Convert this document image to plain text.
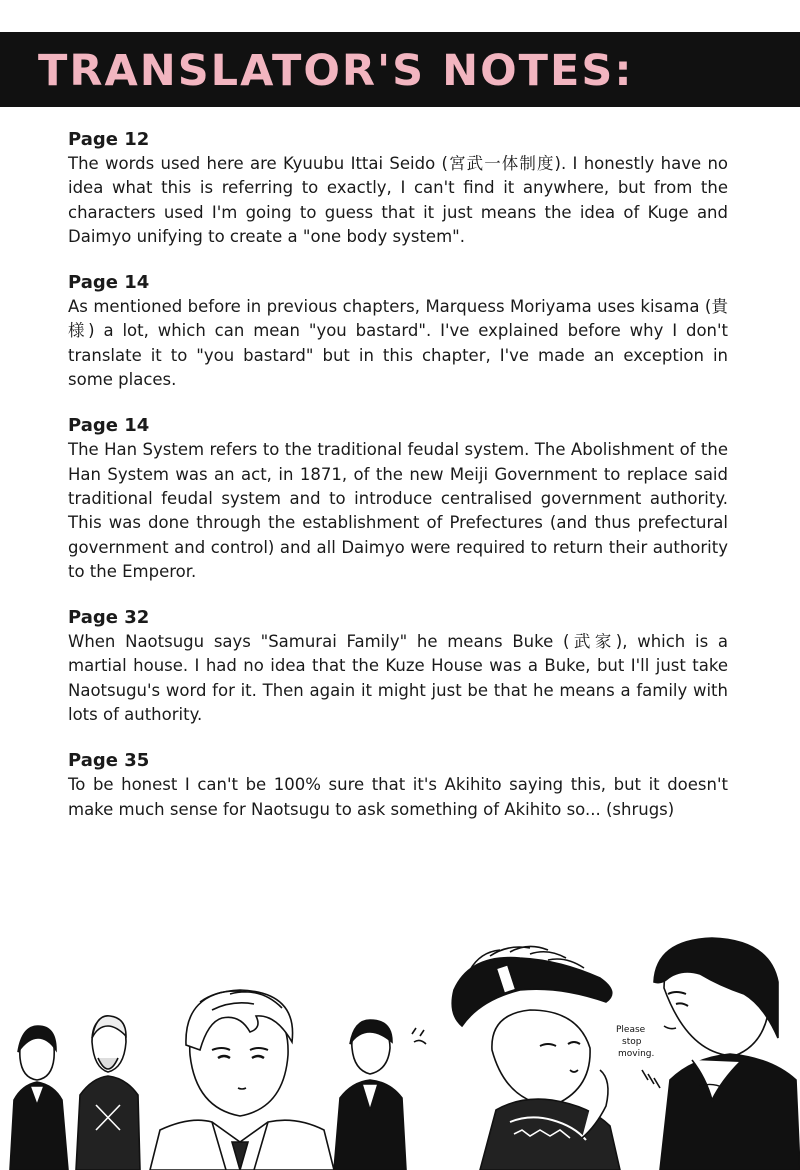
TRANSLATOR'S NOTES:

Page 12

The words used here are Kyuubu Ittai Seido (宮武一体制度). I honestly have no idea what this is referring to exactly, I can't find it anywhere, but from the characters used I'm going to guess that it just means the idea of Kuge and Daimyo unifying to create a "one body system".

Page 14

As mentioned before in previous chapters, Marquess Moriyama uses kisama (貴様) a lot, which can mean "you bastard". I've explained before why I don't translate it to "you bastard" but in this chapter, I've made an exception in some places.

Page 14

The Han System refers to the traditional feudal system. The Abolishment of the Han System was an act, in 1871, of the new Meiji Government to replace said traditional feudal system and to introduce centralised government authority. This was done through the establishment of Prefectures (and thus prefectural government and control) and all Daimyo were required to return their authority to the Emperor.

Page 32

When Naotsugu says "Samurai Family" he means Buke (武家), which is a martial house. I had no idea that the Kuze House was a Buke, but I'll just take Naotsugu's word for it. Then again it might just be that he means a family with lots of authority.

Page 35

To be honest I can't be 100% sure that it's Akihito saying this, but it doesn't make much sense for Naotsugu to ask something of Akihito so... (shrugs)

Please
stop
moving.
